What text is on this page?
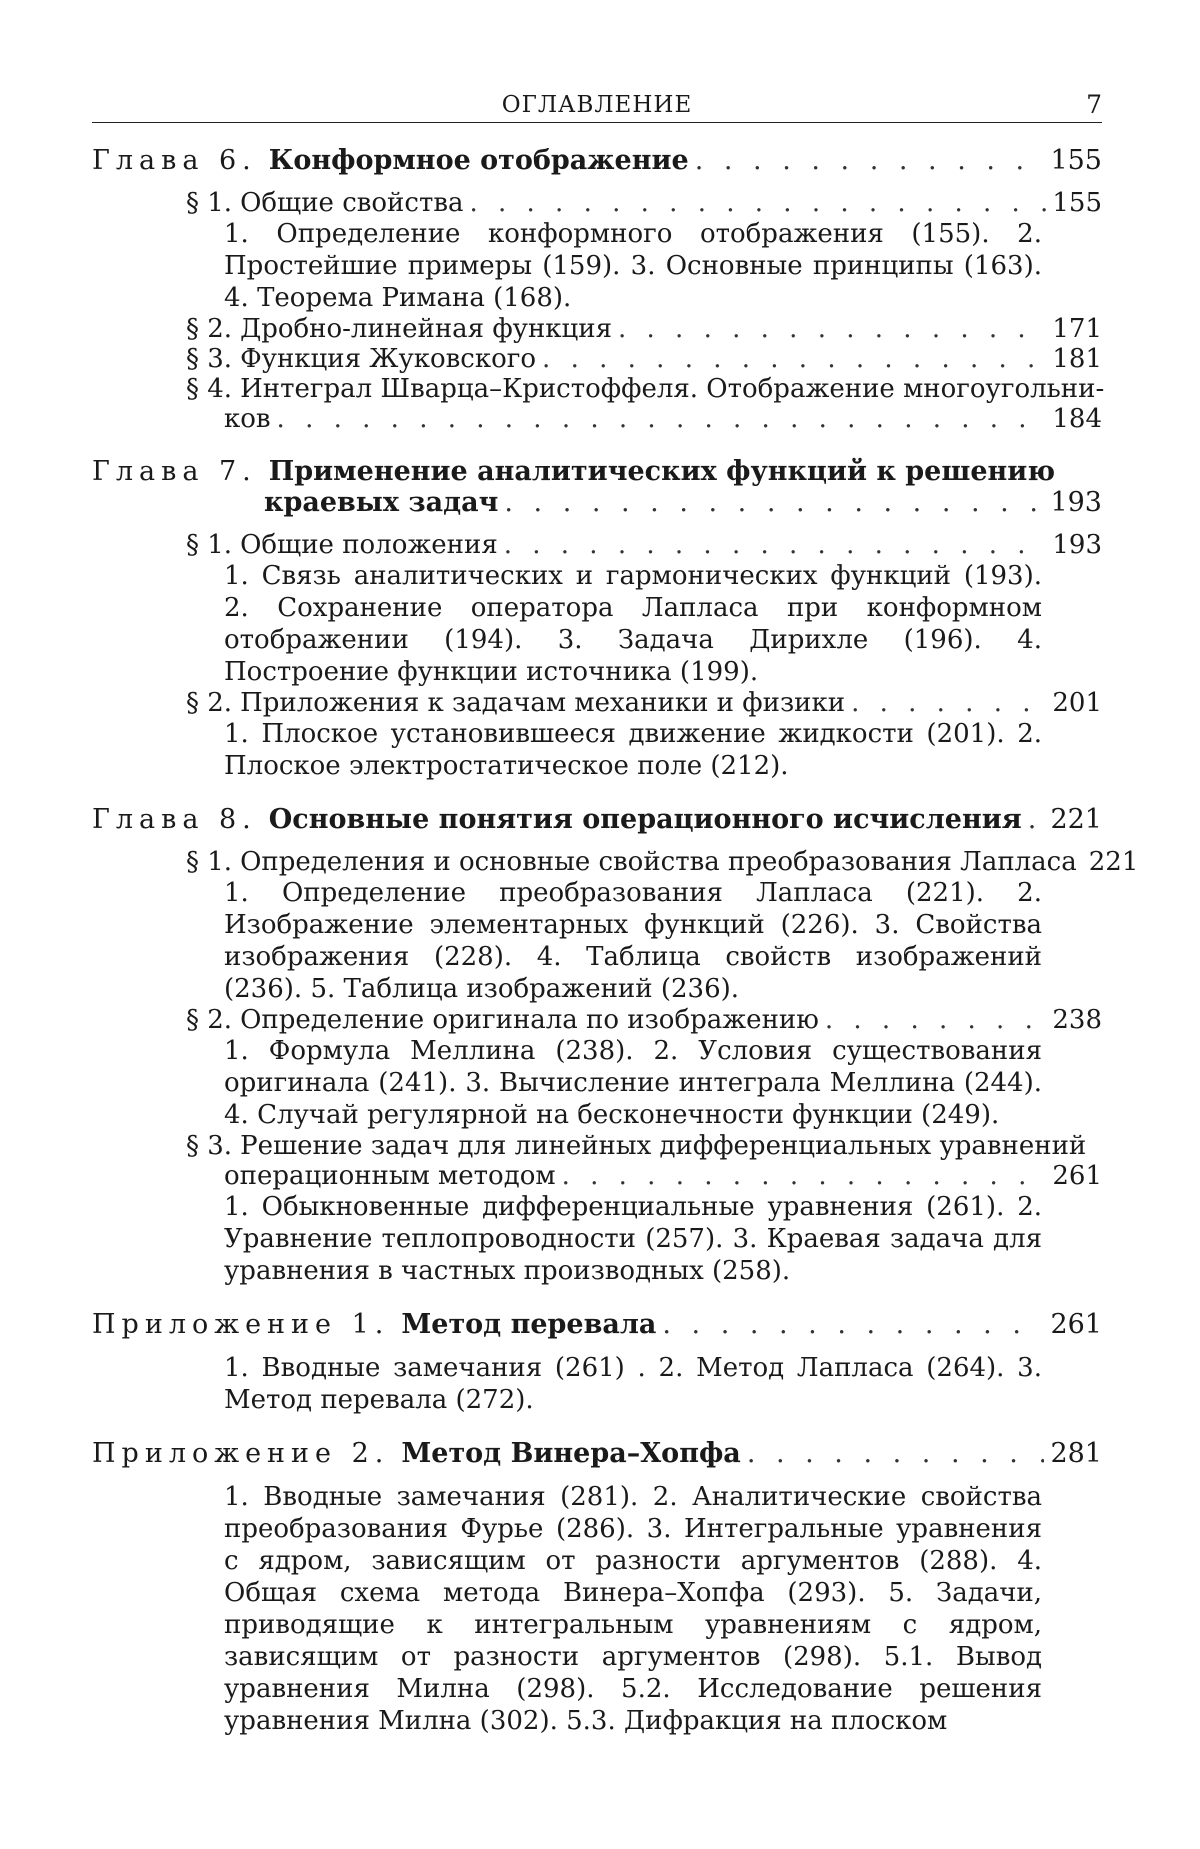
ОГЛАВЛЕНИЕ	7
Глава 6. Конформное отображение . . .	155
§ 1. Общие свойства . . .	155
1. Определение конформного отображения (155). 2. Простейшие примеры (159). 3. Основные принципы (163). 4. Теорема Римана (168).
§ 2. Дробно-линейная функция . . .	171
§ 3. Функция Жуковского . . .	181
§ 4. Интеграл Шварца–Кристоффеля. Отображение многоугольни-
ков . . .	184
Глава 7. Применение аналитических функций к решению
краевых задач . . .	193
§ 1. Общие положения . . .	193
1. Связь аналитических и гармонических функций (193). 2. Сохранение оператора Лапласа при конформном отображении (194). 3. Задача Дирихле (196). 4. Построение функции источника (199).
§ 2. Приложения к задачам механики и физики . . .	201
1. Плоское установившееся движение жидкости (201). 2. Плоское электростатическое поле (212).
Глава 8. Основные понятия операционного исчисления . . . 221
§ 1. Определения и основные свойства преобразования Лапласа 221
1. Определение преобразования Лапласа (221). 2. Изображение элементарных функций (226). 3. Свойства изображения (228). 4. Таблица свойств изображений (236). 5. Таблица изображений (236).
§ 2. Определение оригинала по изображению . . .	238
1. Формула Меллина (238). 2. Условия существования оригинала (241). 3. Вычисление интеграла Меллина (244). 4. Случай регулярной на бесконечности функции (249).
§ 3. Решение задач для линейных дифференциальных уравнений
операционным методом . . .	261
1. Обыкновенные дифференциальные уравнения (261). 2. Уравнение теплопроводности (257). 3. Краевая задача для уравнения в частных производных (258).
Приложение 1. Метод перевала . . .	261
1. Вводные замечания (261) . 2. Метод Лапласа (264). 3. Метод перевала (272).
Приложение 2. Метод Винера–Хопфа . . .	281
1. Вводные замечания (281). 2. Аналитические свойства преобразования Фурье (286). 3. Интегральные уравнения с ядром, зависящим от разности аргументов (288). 4. Общая схема метода Винера–Хопфа (293). 5. Задачи, приводящие к интегральным уравнениям с ядром, зависящим от разности аргументов (298). 5.1. Вывод уравнения Милна (298). 5.2. Исследование решения уравнения Милна (302). 5.3. Дифракция на плоском
